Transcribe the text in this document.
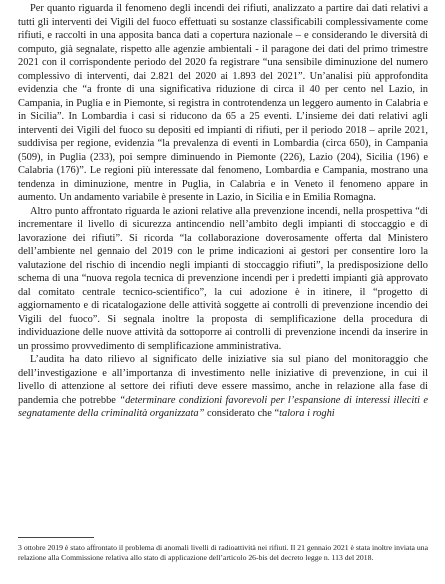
Per quanto riguarda il fenomeno degli incendi dei rifiuti, analizzato a partire dai dati relativi a tutti gli interventi dei Vigili del fuoco effettuati su sostanze classificabili complessivamente come rifiuti, e raccolti in una apposita banca dati a copertura nazionale – e considerando le diversità di computo, già segnalate, rispetto alle agenzie ambientali - il paragone dei dati del primo trimestre 2021 con il corrispondente periodo del 2020 fa registrare “una sensibile diminuzione del numero complessivo di interventi, dai 2.821 del 2020 ai 1.893 del 2021”. Un’analisi più approfondita evidenzia che “a fronte di una significativa riduzione di circa il 40 per cento nel Lazio, in Campania, in Puglia e in Piemonte, si registra in controtendenza un leggero aumento in Calabria e in Sicilia”. In Lombardia i casi si riducono da 65 a 25 eventi. L’insieme dei dati relativi agli interventi dei Vigili del fuoco su depositi ed impianti di rifiuti, per il periodo 2018 – aprile 2021, suddivisa per regione, evidenzia “la prevalenza di eventi in Lombardia (circa 650), in Campania (509), in Puglia (233), poi sempre diminuendo in Piemonte (226), Lazio (204), Sicilia (196) e Calabria (176)”. Le regioni più interessate dal fenomeno, Lombardia e Campania, mostrano una tendenza in diminuzione, mentre in Puglia, in Calabria e in Veneto il fenomeno appare in aumento. Un andamento variabile è presente in Lazio, in Sicilia e in Emilia Romagna.

Altro punto affrontato riguarda le azioni relative alla prevenzione incendi, nella prospettiva “di incrementare il livello di sicurezza antincendio nell’ambito degli impianti di stoccaggio e di lavorazione dei rifiuti”. Si ricorda “la collaborazione doverosamente offerta dal Ministero dell’ambiente nel gennaio del 2019 con le prime indicazioni ai gestori per consentire loro la valutazione del rischio di incendio negli impianti di stoccaggio rifiuti”, la predisposizione dello schema di una “nuova regola tecnica di prevenzione incendi per i predetti impianti già approvato dal comitato centrale tecnico-scientifico”, la cui adozione è in itinere, il “progetto di aggiornamento e di ricatalogazione delle attività soggette ai controlli di prevenzione incendio dei Vigili del fuoco”. Si segnala inoltre la proposta di semplificazione della procedura di individuazione delle nuove attività da sottoporre ai controlli di prevenzione incendi da inserire in un prossimo provvedimento di semplificazione amministrativa.

L’audita ha dato rilievo al significato delle iniziative sia sul piano del monitoraggio che dell’investigazione e all’importanza di investimento nelle iniziative di prevenzione, in cui il livello di attenzione al settore dei rifiuti deve essere massimo, anche in relazione alla fase di pandemia che potrebbe “determinare condizioni favorevoli per l’espansione di interessi illeciti e segnatamente della criminalità organizzata” considerato che “talora i roghi

3 ottobre 2019 è stato affrontato il problema di anomali livelli di radioattività nei rifiuti. Il 21 gennaio 2021 è stata inoltre inviata una relazione alla Commissione relativa allo stato di applicazione dell’articolo 26-bis del decreto legge n. 113 del 2018.
